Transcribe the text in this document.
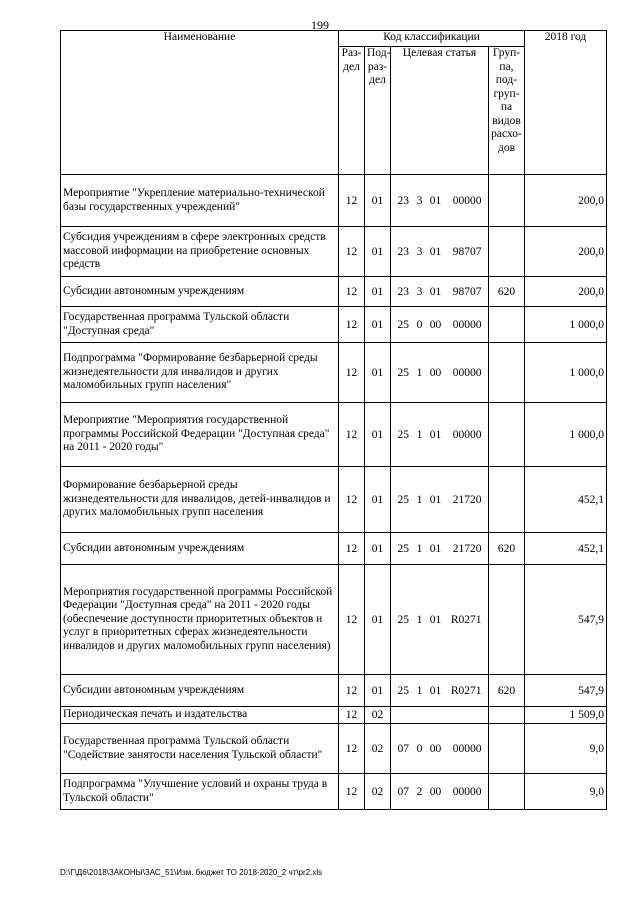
199
Наименование	Код классификации				2018 год
	Раз-дел	Под-раз-дел	Целевая статья	Груп-па, под-груп-па видов расхо-дов	
Мероприятие "Укрепление материально-технической базы государственных учреждений"	12	01	23 3 01 00000		200,0
Субсидия учреждениям в сфере электронных средств массовой информации на приобретение основных средств	12	01	23 3 01 98707		200,0
Субсидии автономным учреждениям	12	01	23 3 01 98707	620	200,0
Государственная программа Тульской области "Доступная среда"	12	01	25 0 00 00000		1 000,0
Подпрограмма "Формирование безбарьерной среды жизнедеятельности для инвалидов и других маломобильных групп населения"	12	01	25 1 00 00000		1 000,0
Мероприятие "Мероприятия государственной программы Российской Федерации "Доступная среда" на 2011 - 2020 годы"	12	01	25 1 01 00000		1 000,0
Формирование безбарьерной среды жизнедеятельности для инвалидов, детей-инвалидов и других маломобильных групп населения	12	01	25 1 01 21720		452,1
Субсидии автономным учреждениям	12	01	25 1 01 21720	620	452,1
Мероприятия государственной программы Российской Федерации "Доступная среда" на 2011 - 2020 годы (обеспечение доступности приоритетных объектов и услуг в приоритетных сферах жизнедеятельности инвалидов и других маломобильных групп населения)	12	01	25 1 01 R0271		547,9
Субсидии автономным учреждениям	12	01	25 1 01 R0271	620	547,9
Периодическая печать и издательства	12	02			1 509,0
Государственная программа Тульской области "Содействие занятости населения Тульской области"	12	02	07 0 00 00000		9,0
Подпрограмма "Улучшение условий и охраны труда в Тульской области"	12	02	07 2 00 00000		9,0
D:\Г\Д6\2018\ЗАКОНЫ\ЗАС_51\Изм. бюджет ТО 2018-2020_2 чт\pr2.xls
